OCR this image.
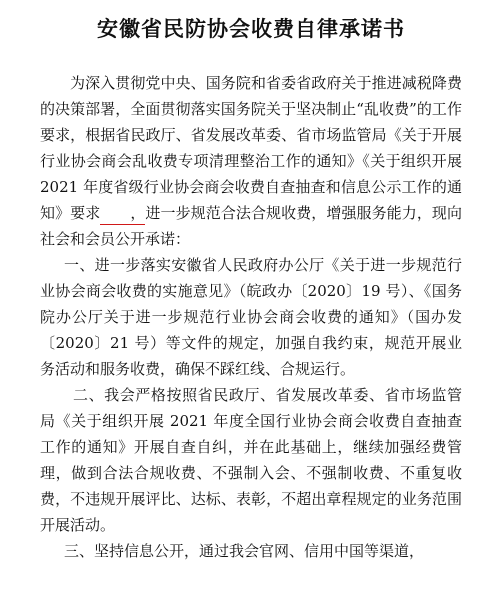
安徽省民防协会收费自律承诺书

为深入贯彻党中央、国务院和省委省政府关于推进减税降费的决策部署，全面贯彻落实国务院关于坚决制止“乱收费”的工作要求，根据省民政厅、省发展改革委、省市场监管局《关于开展行业协会商会乱收费专项清理整治工作的通知》《关于组织开展 2021 年度省级行业协会商会收费自查抽查和信息公示工作的通知》要求 ，
进一步规范合法合规收费，增强服务能力，现向社会和会员公开承诺：

一、进一步落实安徽省人民政府办公厅《关于进一步规范行业协会商会收费的实施意见》（皖政办〔2020〕19 号）、《国务院办公厅关于进一步规范行业协会商会收费的通知》（国办发〔2020〕21 号）等文件的规定，加强自我约束，规范开展业务活动和服务收费，确保不踩红线、合规运行。

二、我会严格按照省民政厅、省发展改革委、省市场监管局《关于组织开展 2021 年度全国行业协会商会收费自查抽查工作的通知》开展自查自纠，并在此基础上，继续加强经费管理，做到合法合规收费、不强制入会、不强制收费、不重复收费，不违规开展评比、达标、表彰，不超出章程规定的业务范围开展活动。

三、坚持信息公开，通过我会官网、信用中国等渠道，
